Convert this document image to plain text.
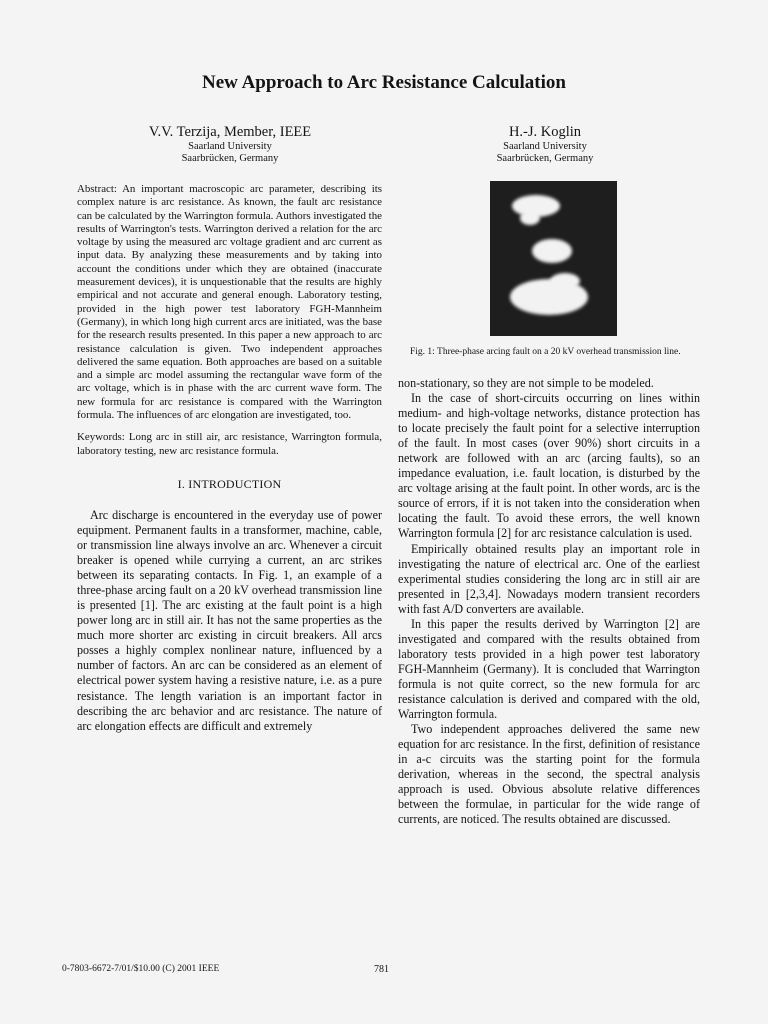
New Approach to Arc Resistance Calculation
V.V. Terzija, Member, IEEE
Saarland University
Saarbrücken, Germany
H.-J. Koglin
Saarland University
Saarbrücken, Germany

Abstract: An important macroscopic arc parameter, describing its complex nature is arc resistance. As known, the fault arc resistance can be calculated by the Warrington formula. Authors investigated the results of Warrington's tests. Warrington derived a relation for the arc voltage by using the measured arc voltage gradient and arc current as input data. By analyzing these measurements and by taking into account the conditions under which they are obtained (inaccurate measurement devices), it is unquestionable that the results are highly empirical and not accurate and general enough. Laboratory testing, provided in the high power test laboratory FGH-Mannheim (Germany), in which long high current arcs are initiated, was the base for the research results presented. In this paper a new approach to arc resistance calculation is given. Two independent approaches delivered the same equation. Both approaches are based on a suitable and a simple arc model assuming the rectangular wave form of the arc voltage, which is in phase with the arc current wave form. The new formula for arc resistance is compared with the Warrington formula. The influences of arc elongation are investigated, too.

Keywords: Long arc in still air, arc resistance, Warrington formula, laboratory testing, new arc resistance formula.

I. INTRODUCTION

Arc discharge is encountered in the everyday use of power equipment. Permanent faults in a transformer, machine, cable, or transmission line always involve an arc. Whenever a circuit breaker is opened while currying a current, an arc strikes between its separating contacts. In Fig. 1, an example of a three-phase arcing fault on a 20 kV overhead transmission line is presented [1]. The arc existing at the fault point is a high power long arc in still air. It has not the same properties as the much more shorter arc existing in circuit breakers. All arcs posses a highly complex nonlinear nature, influenced by a number of factors. An arc can be considered as an element of electrical power system having a resistive nature, i.e. as a pure resistance. The length variation is an important factor in describing the arc behavior and arc resistance. The nature of arc elongation effects are difficult and extremely

Fig. 1: Three-phase arcing fault on a 20 kV overhead transmission line.

non-stationary, so they are not simple to be modeled.

In the case of short-circuits occurring on lines within medium- and high-voltage networks, distance protection has to locate precisely the fault point for a selective interruption of the fault. In most cases (over 90%) short circuits in a network are followed with an arc (arcing faults), so an impedance evaluation, i.e. fault location, is disturbed by the arc voltage arising at the fault point. In other words, arc is the source of errors, if it is not taken into the consideration when locating the fault. To avoid these errors, the well known Warrington formula [2] for arc resistance calculation is used.

Empirically obtained results play an important role in investigating the nature of electrical arc. One of the earliest experimental studies considering the long arc in still air are presented in [2,3,4]. Nowadays modern transient recorders with fast A/D converters are available.

In this paper the results derived by Warrington [2] are investigated and compared with the results obtained from laboratory tests provided in a high power test laboratory FGH-Mannheim (Germany). It is concluded that Warrington formula is not quite correct, so the new formula for arc resistance calculation is derived and compared with the old, Warrington formula.

Two independent approaches delivered the same new equation for arc resistance. In the first, definition of resistance in a-c circuits was the starting point for the formula derivation, whereas in the second, the spectral analysis approach is used. Obvious absolute relative differences between the formulae, in particular for the wide range of currents, are noticed. The results obtained are discussed.

0-7803-6672-7/01/$10.00 (C) 2001 IEEE	781
